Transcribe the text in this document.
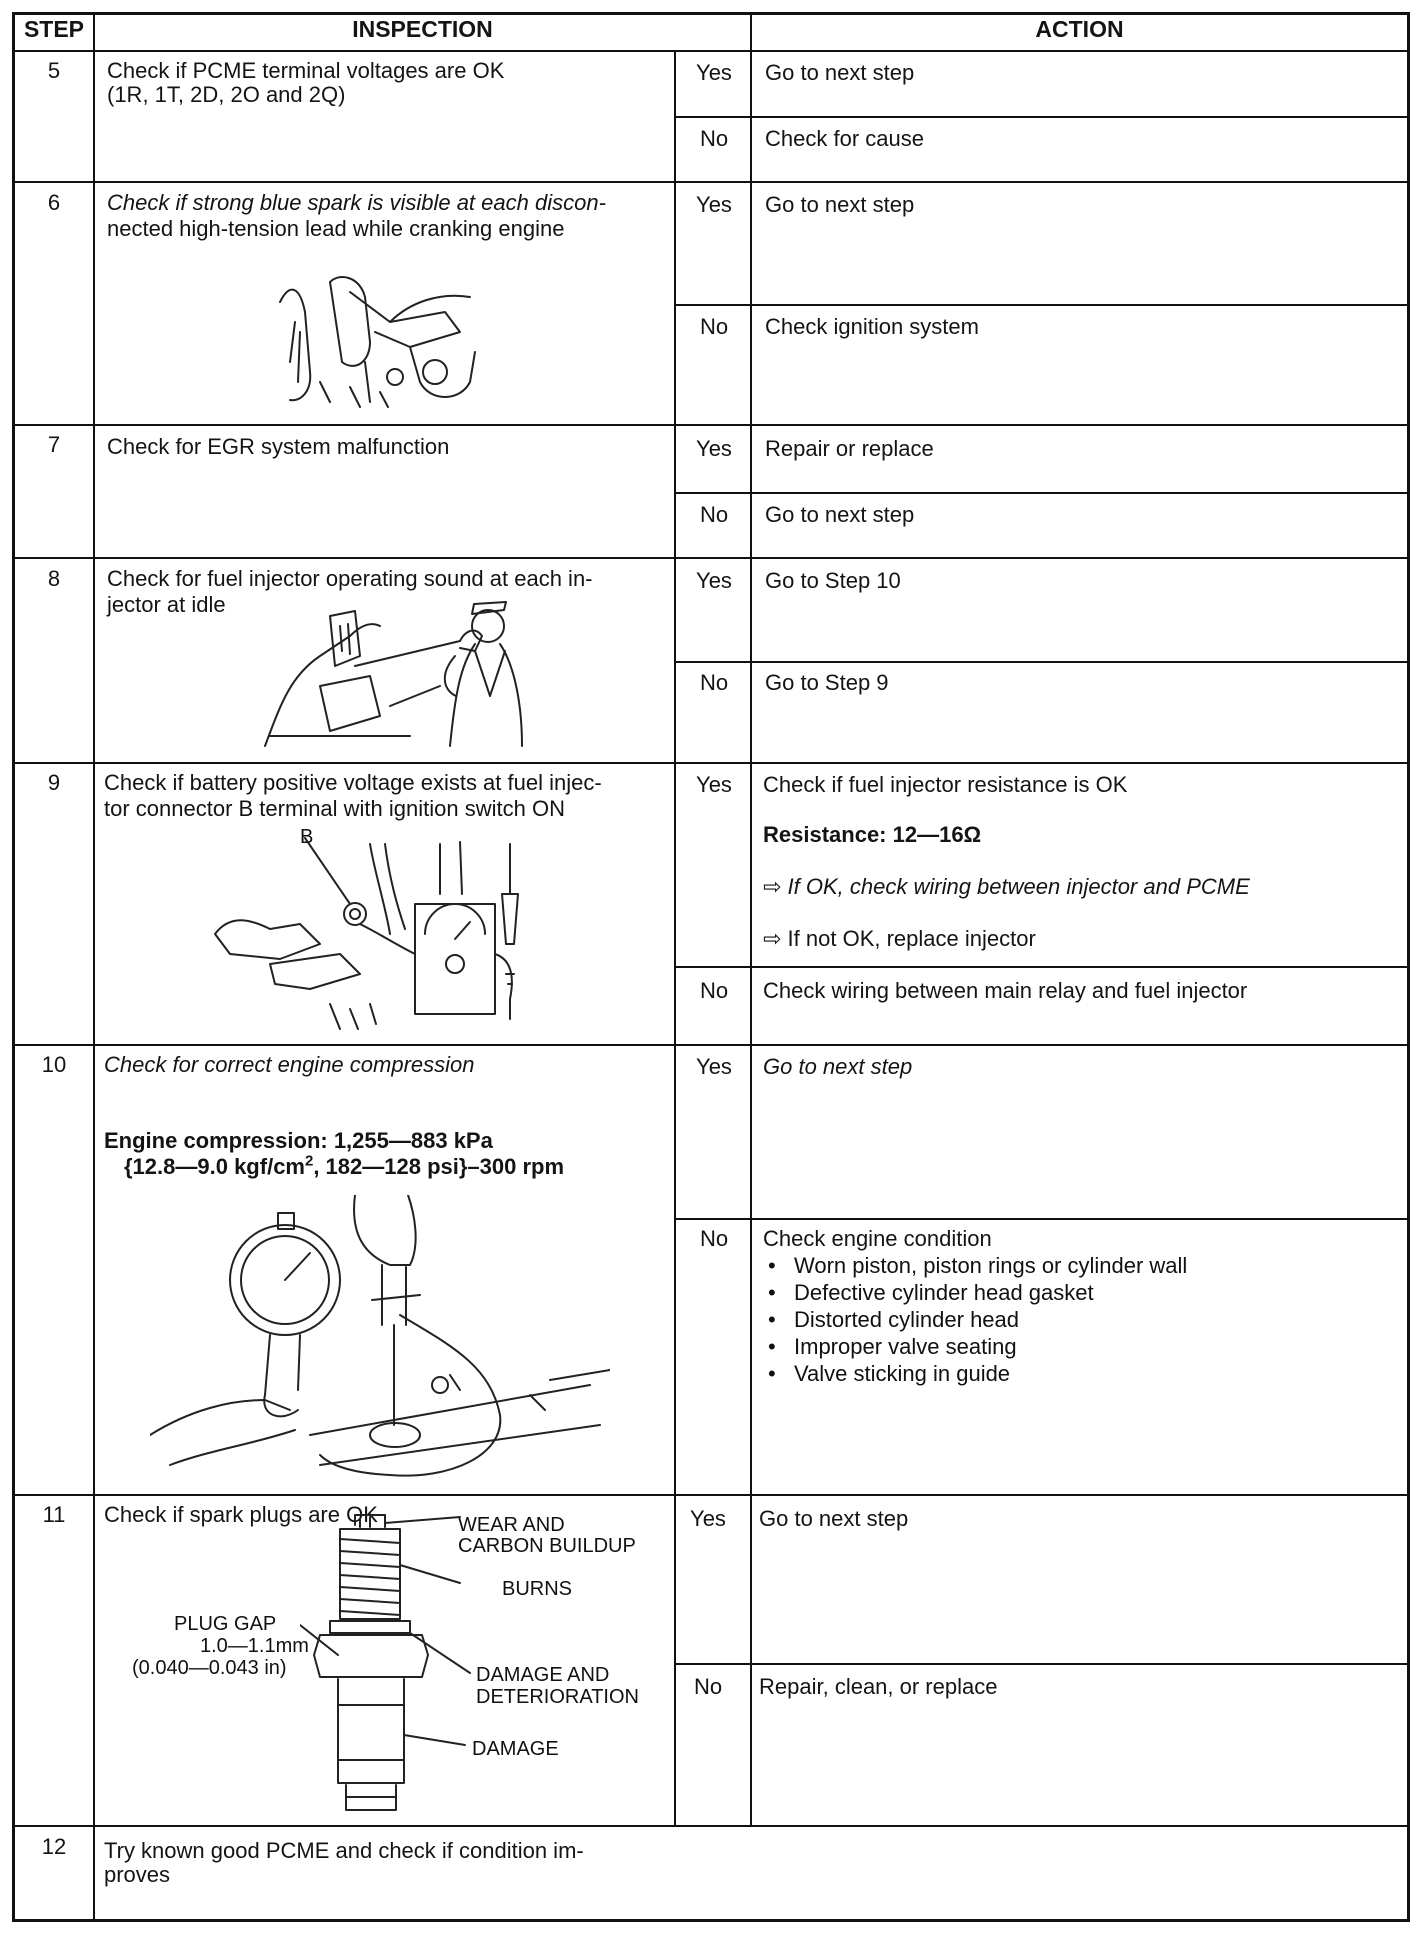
STEP	INSPECTION	ACTION
5	Check if PCME terminal voltages are OK
(1R, 1T, 2D, 2O and 2Q)
Yes	Go to next step
No	Check for cause
6	Check if strong blue spark is visible at each discon-
nected high-tension lead while cranking engine
Yes	Go to next step
No	Check ignition system
7	Check for EGR system malfunction	Yes	Repair or replace
No	Go to next step
8	Check for fuel injector operating sound at each in-
jector at idle
Yes	Go to Step 10
No	Go to Step 9
9	Check if battery positive voltage exists at fuel injec-
tor connector B terminal with ignition switch ON
B
Yes	Check if fuel injector resistance is OK
Resistance: 12—16Ω
⇨ If OK, check wiring between injector and PCME
⇨ If not OK, replace injector
No	Check wiring between main relay and fuel injector
10	Check for correct engine compression
Engine compression: 1,255—883 kPa
{12.8—9.0 kgf/$cm^2$, 182—128 psi}–300 rpm
Yes	Go to next step
No	Check engine condition
• Worn piston, piston rings or cylinder wall
• Defective cylinder head gasket
• Distorted cylinder head
• Improper valve seating
• Valve sticking in guide
11	Check if spark plugs are OK	WEAR AND
CARBON BUILDUP
BURNS
PLUG GAP
1.0—1.1mm
(0.040—0.043 in)	DAMAGE AND
DETERIORATION
DAMAGE
Yes	Go to next step
No	Repair, clean, or replace
12	Try known good PCME and check if condition im-
proves
